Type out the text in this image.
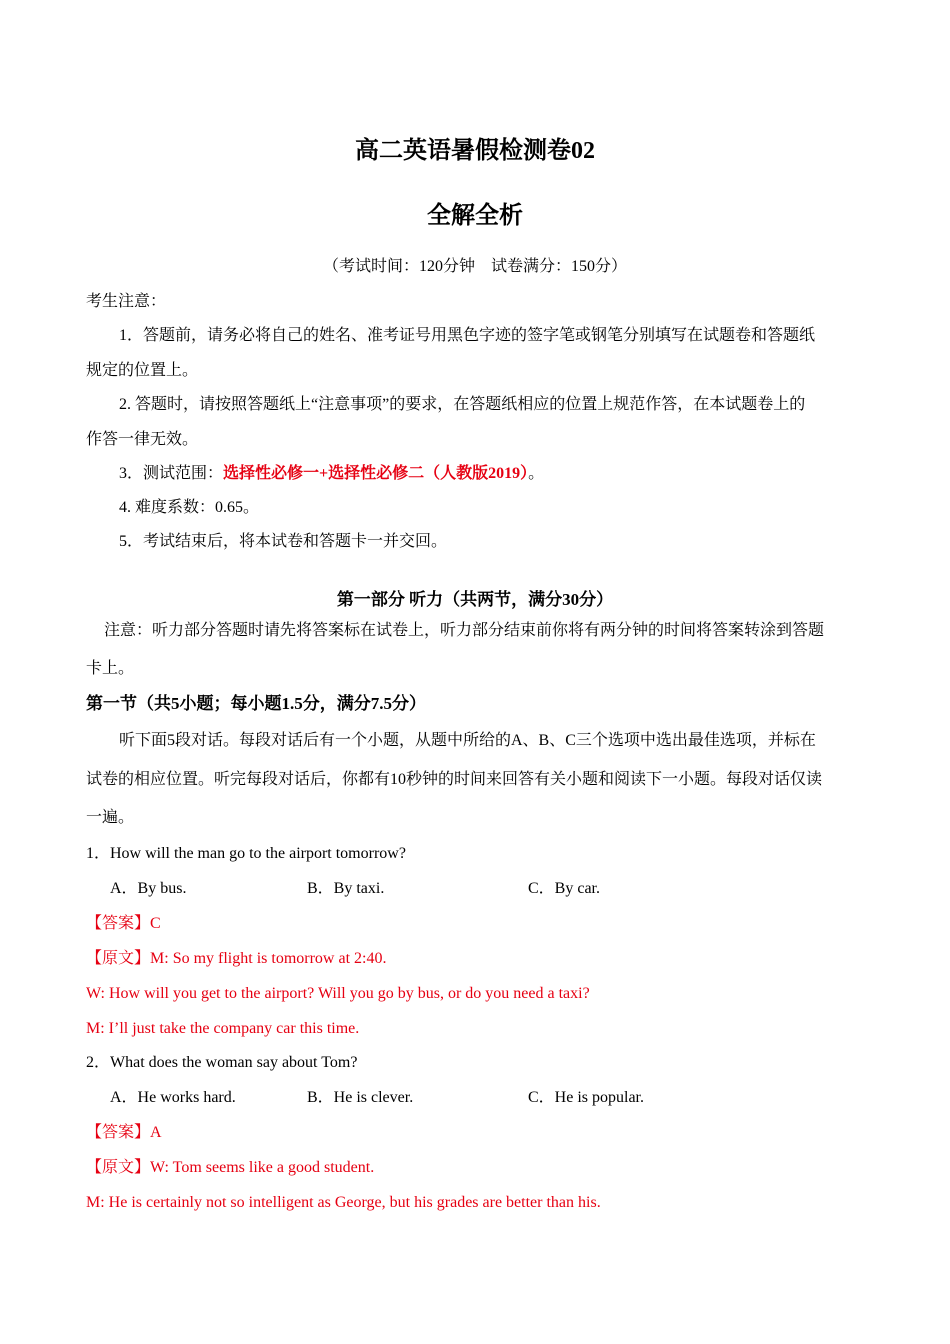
高二英语暑假检测卷02
全解全析
（考试时间：120分钟　试卷满分：150分）
考生注意：
1．答题前，请务必将自己的姓名、准考证号用黑色字迹的签字笔或钢笔分别填写在试题卷和答题纸
规定的位置上。
2. 答题时，请按照答题纸上“注意事项”的要求，在答题纸相应的位置上规范作答，在本试题卷上的
作答一律无效。
3．测试范围：选择性必修一+选择性必修二（人教版2019）。
4. 难度系数：0.65。
5．考试结束后，将本试卷和答题卡一并交回。
第一部分 听力（共两节，满分30分）
注意：听力部分答题时请先将答案标在试卷上，听力部分结束前你将有两分钟的时间将答案转涂到答题
卡上。
第一节（共5小题；每小题1.5分，满分7.5分）
听下面5段对话。每段对话后有一个小题，从题中所给的A、B、C三个选项中选出最佳选项，并标在
试卷的相应位置。听完每段对话后，你都有10秒钟的时间来回答有关小题和阅读下一小题。每段对话仅读
一遍。
1．How will the man go to the airport tomorrow?
A．By bus.	B．By taxi.	C．By car.
【答案】C
【原文】M: So my flight is tomorrow at 2:40.
W: How will you get to the airport? Will you go by bus, or do you need a taxi?
M: I’ll just take the company car this time.
2．What does the woman say about Tom?
A．He works hard.	B．He is clever.	C．He is popular.
【答案】A
【原文】W: Tom seems like a good student.
M: He is certainly not so intelligent as George, but his grades are better than his.
